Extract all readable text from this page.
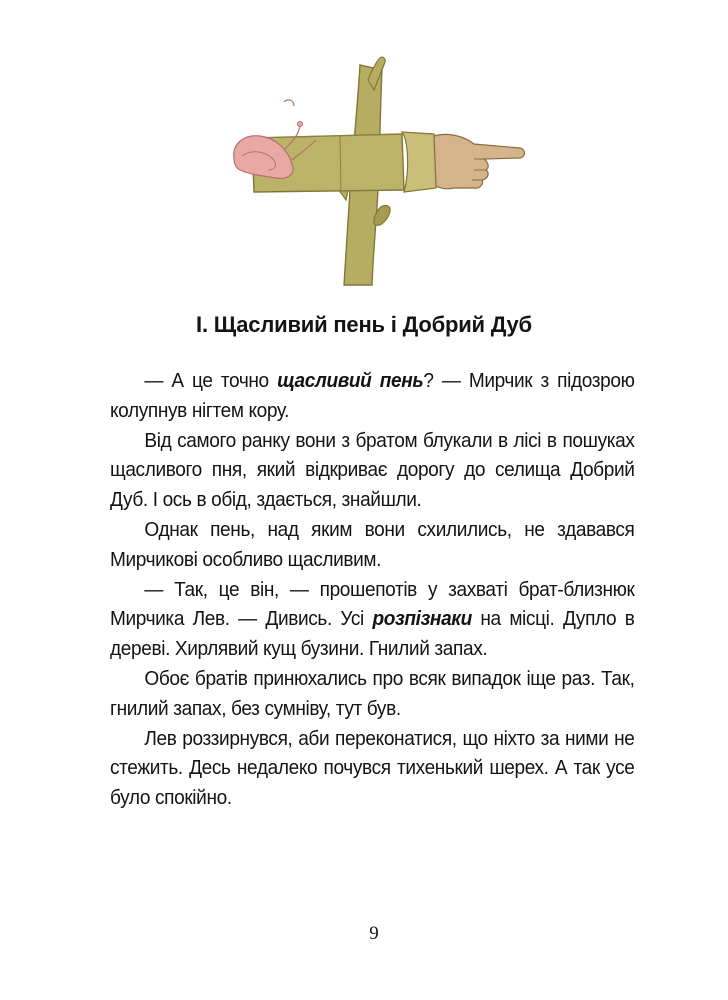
І. Щасливий пень і Добрий Дуб

— А це точно щасливий пень? — Мирчик з підозрою колупнув нігтем кору.

Від самого ранку вони з братом блукали в лісі в пошуках щасливого пня, який відкриває дорогу до селища Добрий Дуб. І ось в обід, здається, знайшли.

Однак пень, над яким вони схилились, не здавався Мирчикові особливо щасливим.

— Так, це він, — прошепотів у захваті брат-близнюк Мирчика Лев. — Дивись. Усі розпізнаки на місці. Дупло в дереві. Хирлявий кущ бузини. Гнилий запах.

Обоє братів принюхались про всяк випадок іще раз. Так, гнилий запах, без сумніву, тут був.

Лев роззирнувся, аби переконатися, що ніхто за ними не стежить. Десь недалеко почувся тихенький шерех. А так усе було спокійно.

9
